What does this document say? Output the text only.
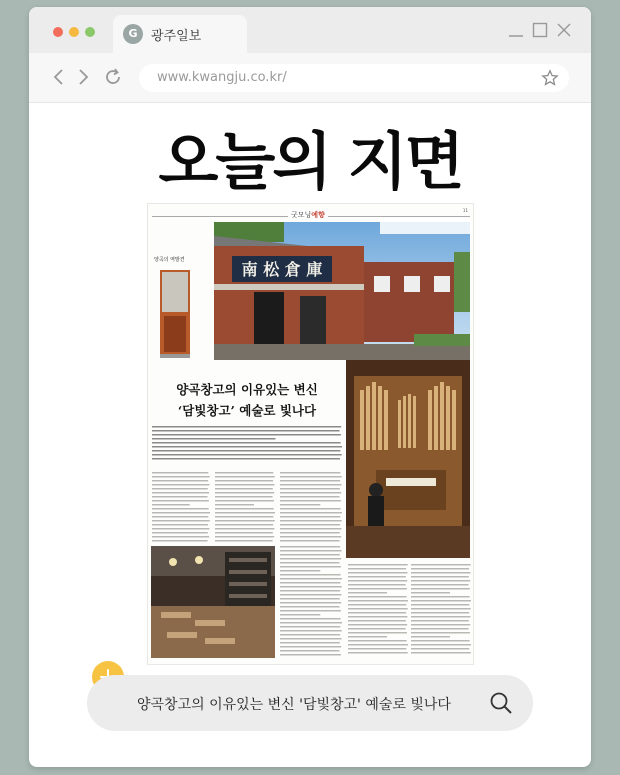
G	광주일보
www.kwangju.co.kr/
오늘의 지면
11
굿모닝예향
南 松 倉 庫
양곡의 역발견
양곡창고의 이유있는 변신
‘담빛창고’ 예술로 빛나다
양곡창고의 이유있는 변신 '담빛창고' 예술로 빛나다
